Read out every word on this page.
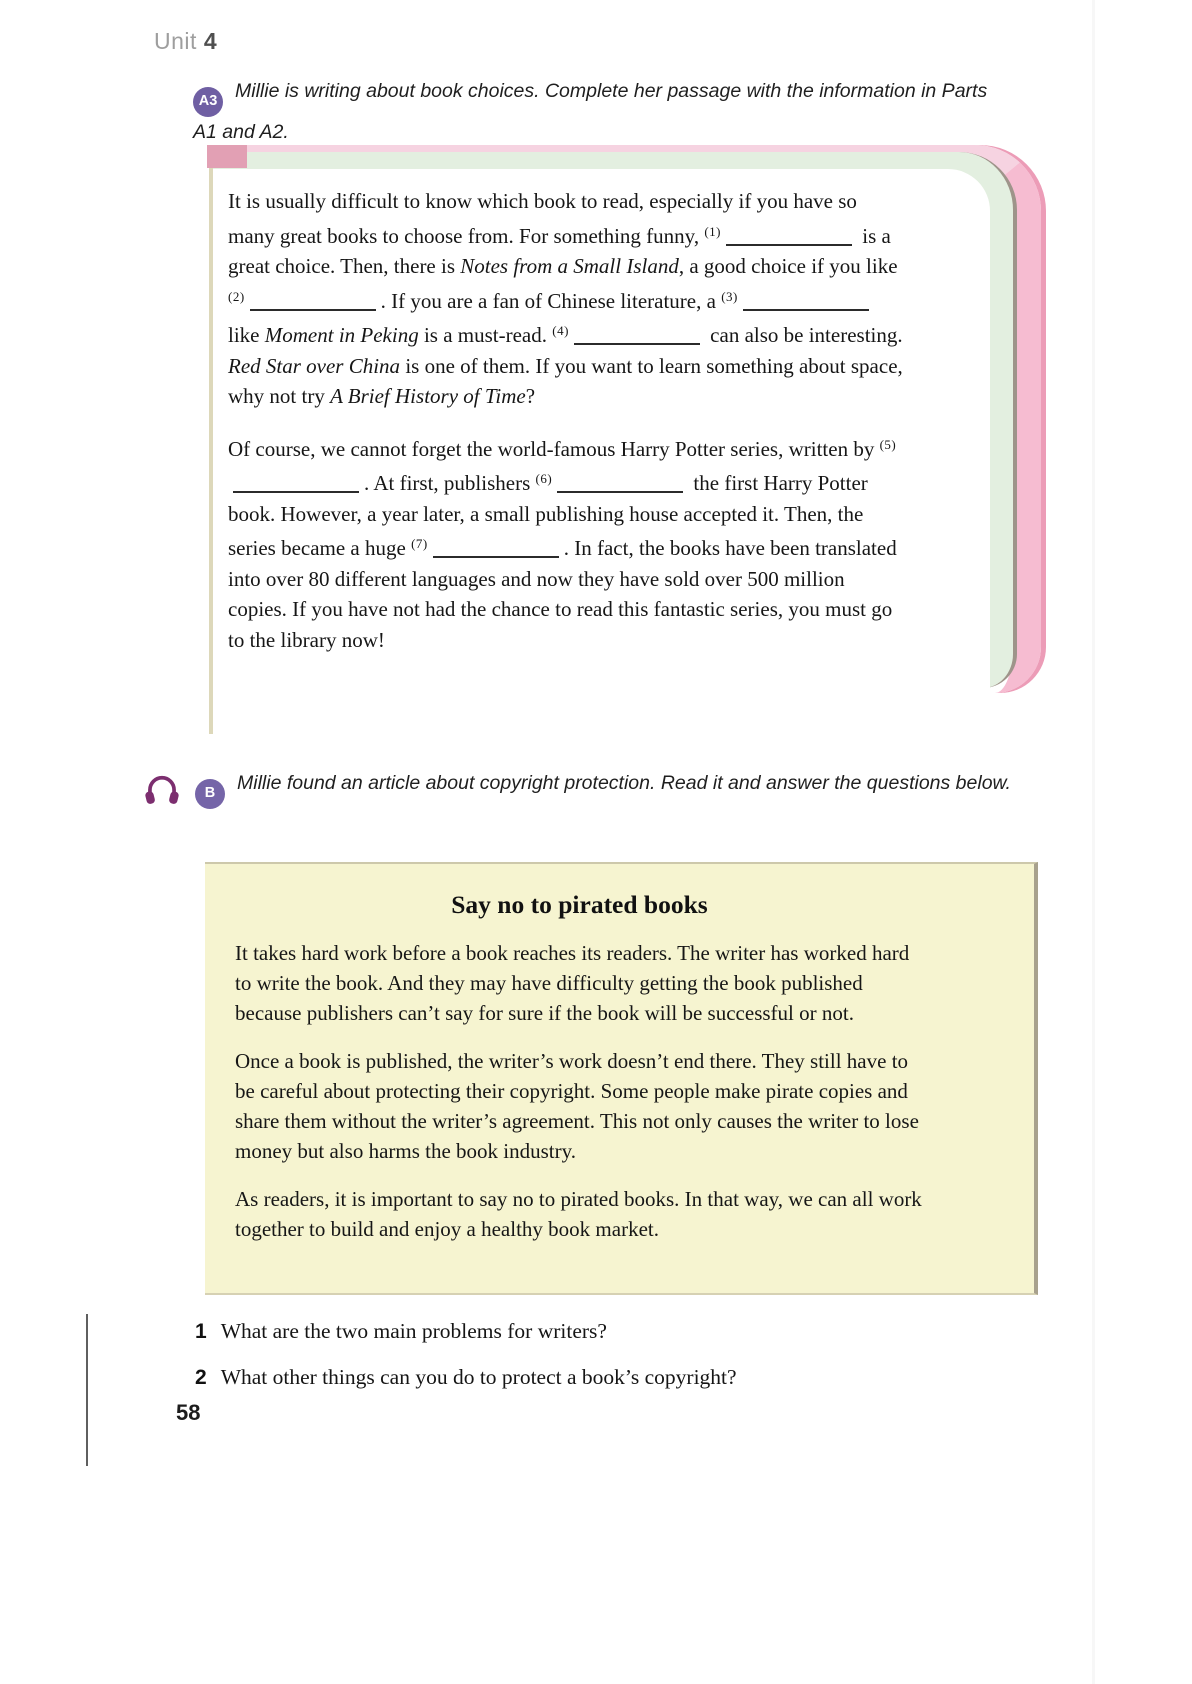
Unit 4
A3 Millie is writing about book choices. Complete her passage with the information in Parts A1 and A2.

It is usually difficult to know which book to read, especially if you have so many great books to choose from. For something funny, $^{(1)}$	is a great choice. Then, there is Notes from a Small Island, a good choice if you like $^{(2)}$	. If you are a fan of Chinese literature, a $^{(3)}$ like Moment in Peking is a must-read. $^{(4)}$	can also be interesting. Red Star over China is one of them. If you want to learn something about space, why not try A Brief History of Time?

Of course, we cannot forget the world-famous Harry Potter series, written by $^{(5)}$. At first, publishers $^{(6)}$	the first Harry Potter book. However, a year later, a small publishing house accepted it. Then, the series became a huge $^{(7)}$	. In fact, the books have been translated into over 80 different languages and now they have sold over 500 million copies. If you have not had the chance to read this fantastic series, you must go to the library now!

B Millie found an article about copyright protection. Read it and answer the questions below.

Say no to pirated books

It takes hard work before a book reaches its readers. The writer has worked hard to write the book. And they may have difficulty getting the book published because publishers can’t say for sure if the book will be successful or not.

Once a book is published, the writer’s work doesn’t end there. They still have to be careful about protecting their copyright. Some people make pirate copies and share them without the writer’s agreement. This not only causes the writer to lose money but also harms the book industry.

As readers, it is important to say no to pirated books. In that way, we can all work together to build and enjoy a healthy book market.

1 What are the two main problems for writers?
2 What other things can you do to protect a book’s copyright?
58
